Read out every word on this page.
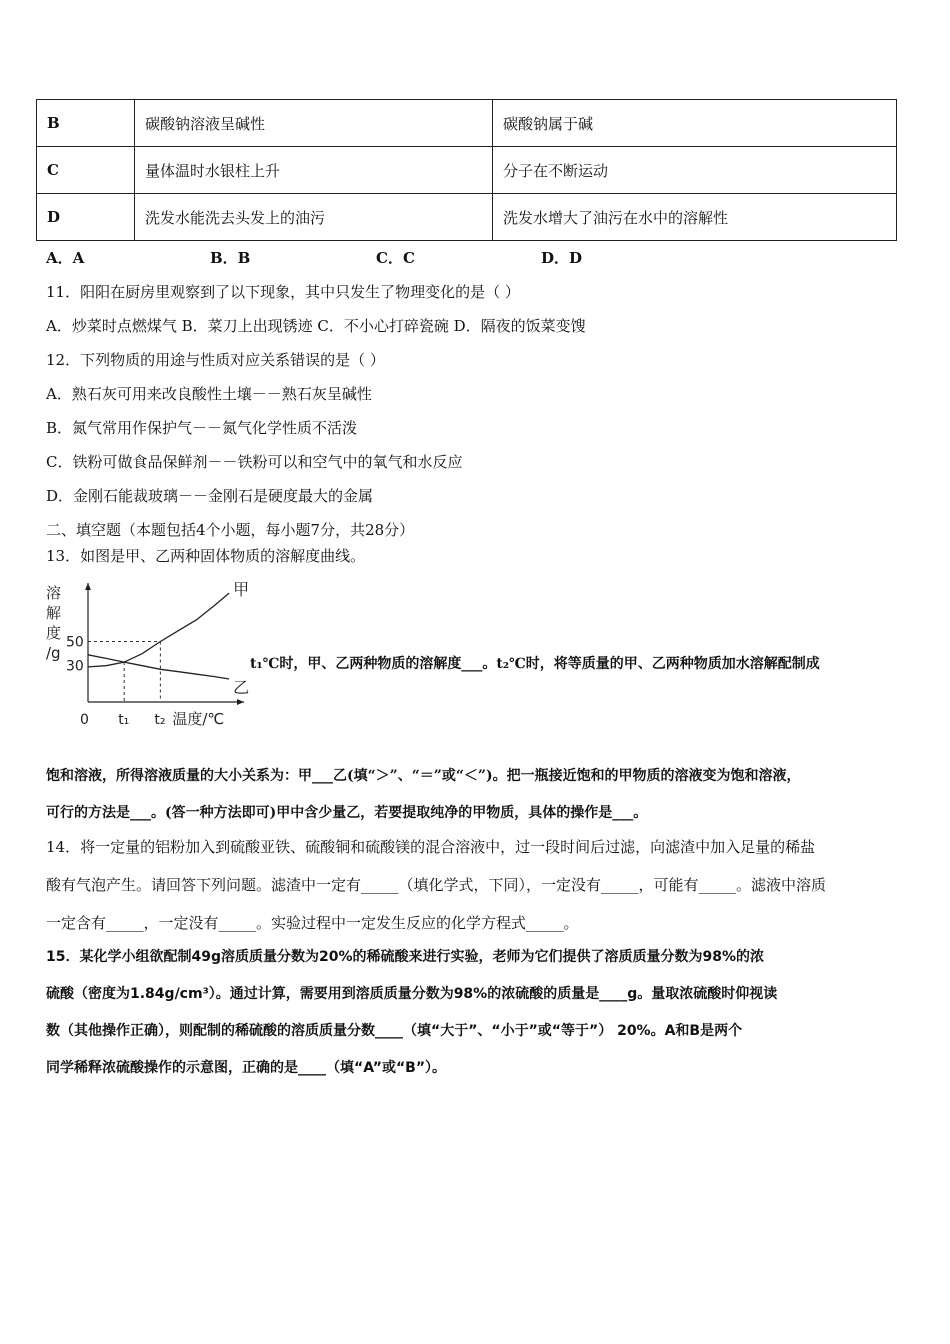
B	碳酸钠溶液呈碱性	碳酸钠属于碱
C	量体温时水银柱上升	分子在不断运动
D	洗发水能洗去头发上的油污	洗发水增大了油污在水中的溶解性
A．A	B．B	C．C	D．D
11．阳阳在厨房里观察到了以下现象，其中只发生了物理变化的是（ ）
A．炒菜时点燃煤气 B．菜刀上出现锈迹 C．不小心打碎瓷碗 D．隔夜的饭菜变馊
12．下列物质的用途与性质对应关系错误的是（ ）
A．熟石灰可用来改良酸性土壤－－熟石灰呈碱性
B．氮气常用作保护气－－氮气化学性质不活泼
C．铁粉可做食品保鲜剂－－铁粉可以和空气中的氧气和水反应
D．金刚石能裁玻璃－－金刚石是硬度最大的金属
二、填空题（本题包括4个小题，每小题7分，共28分）
13．如图是甲、乙两种固体物质的溶解度曲线。
溶
解
度
/g
0
30
50
t₁ t₂ 温度/℃
甲
乙
t₁℃时，甲、乙两种物质的溶解度___。t₂℃时，将等质量的甲、乙两种物质加水溶解配制成
饱和溶液，所得溶液质量的大小关系为：甲___乙(填“＞”、“＝”或“＜”)。把一瓶接近饱和的甲物质的溶液变为饱和溶液，
可行的方法是___。(答一种方法即可)甲中含少量乙，若要提取纯净的甲物质，具体的操作是___。
14．将一定量的铝粉加入到硫酸亚铁、硫酸铜和硫酸镁的混合溶液中，过一段时间后过滤，向滤渣中加入足量的稀盐
酸有气泡产生。请回答下列问题。滤渣中一定有_____（填化学式，下同），一定没有_____，可能有_____。滤液中溶质
一定含有_____，一定没有_____。实验过程中一定发生反应的化学方程式_____。
15．某化学小组欲配制49g溶质质量分数为20%的稀硫酸来进行实验，老师为它们提供了溶质质量分数为98%的浓
硫酸（密度为1.84g/cm³）。通过计算，需要用到溶质质量分数为98%的浓硫酸的质量是____g。量取浓硫酸时仰视读
数（其他操作正确），则配制的稀硫酸的溶质质量分数____（填“大于”、“小于”或“等于”） 20%。A和B是两个
同学稀释浓硫酸操作的示意图，正确的是____（填“A”或“B”）。
